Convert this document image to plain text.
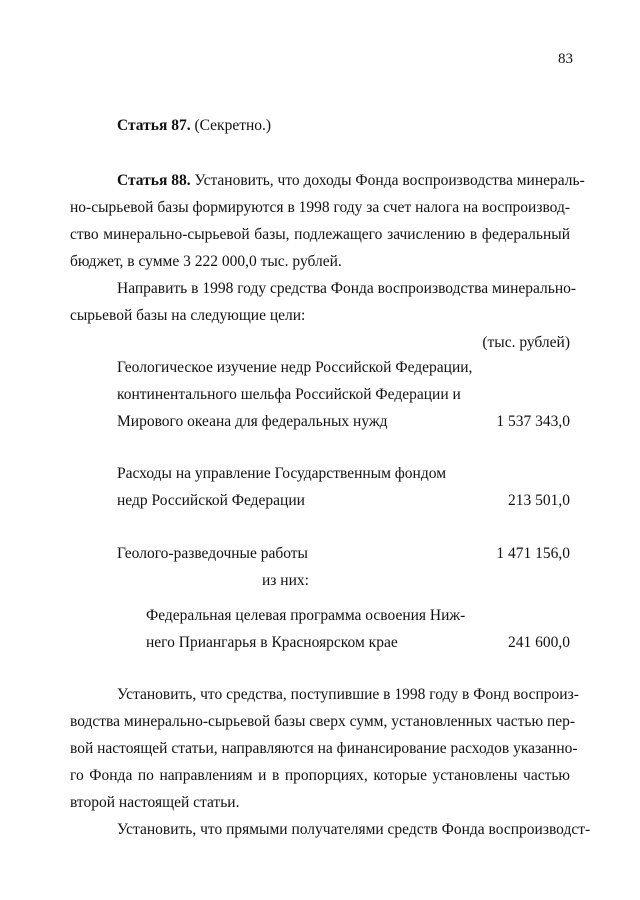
83
Статья 87. (Секретно.)
Статья 88. Установить, что доходы Фонда воспроизводства минераль-
но-сырьевой базы формируются в 1998 году за счет налога на воспроизвод-
ство минерально-сырьевой базы, подлежащего зачислению в федеральный
бюджет, в сумме 3 222 000,0 тыс. рублей.
Направить в 1998 году средства Фонда воспроизводства минерально-
сырьевой базы на следующие цели:
(тыс. рублей)
Геологическое изучение недр Российской Федерации,
континентального шельфа Российской Федерации и
Мирового океана для федеральных нужд	1 537 343,0
Расходы на управление Государственным фондом
недр Российской Федерации	213 501,0
Геолого-разведочные работы	1 471 156,0
из них:
Федеральная целевая программа освоения Ниж-
него Приангарья в Красноярском крае	241 600,0
Установить, что средства, поступившие в 1998 году в Фонд воспроиз-
водства минерально-сырьевой базы сверх сумм, установленных частью пер-
вой настоящей статьи, направляются на финансирование расходов указанно-
го Фонда по направлениям и в пропорциях, которые установлены частью
второй настоящей статьи.
Установить, что прямыми получателями средств Фонда воспроизводст-
